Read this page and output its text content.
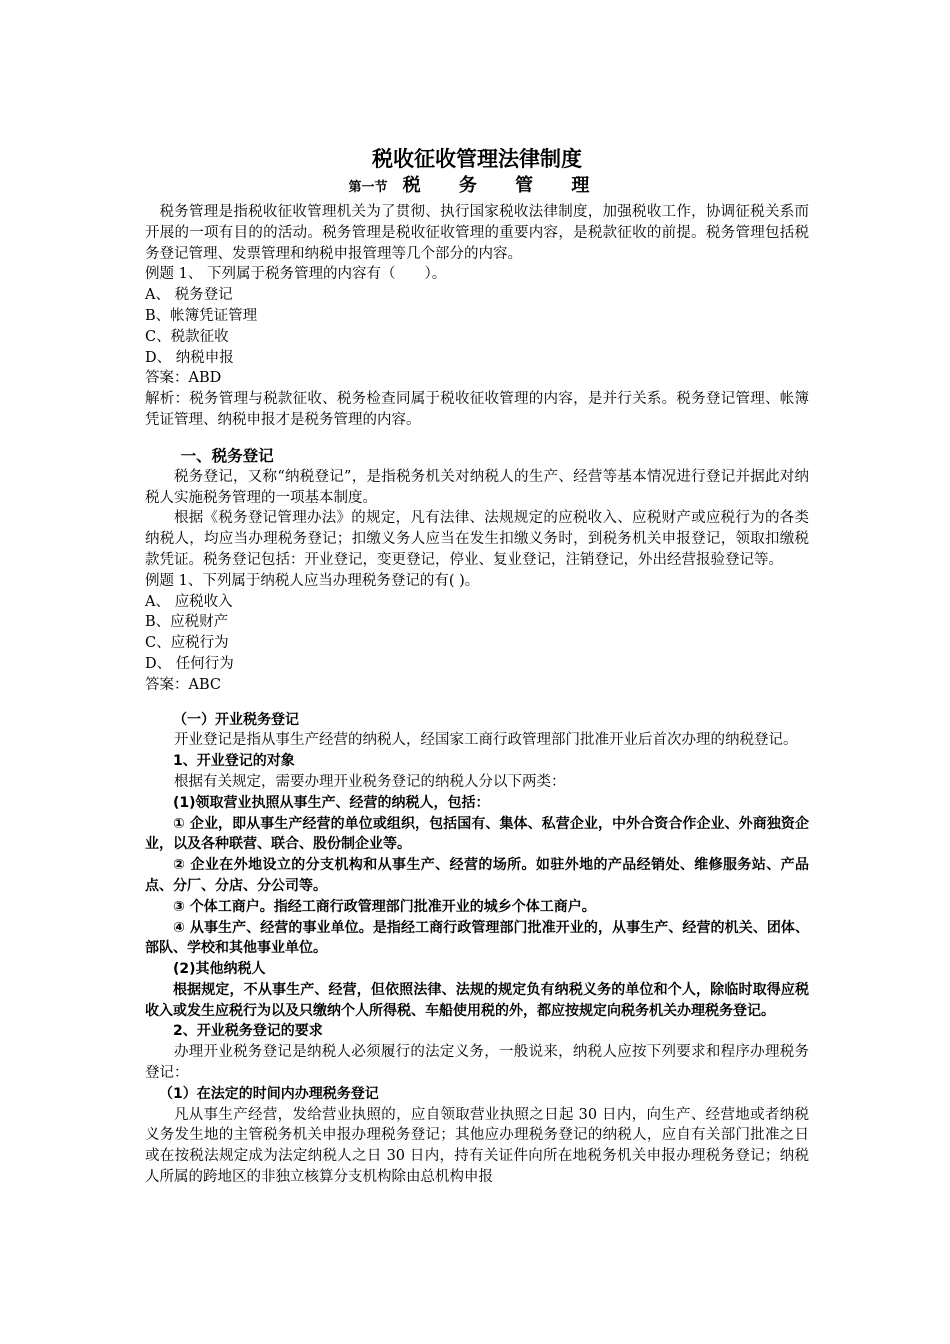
税收征收管理法律制度
第一节 税 务 管 理

税务管理是指税收征收管理机关为了贯彻、执行国家税收法律制度，加强税收工作，协调征税关系而开展的一项有目的的活动。税务管理是税收征收管理的重要内容，是税款征收的前提。税务管理包括税务登记管理、发票管理和纳税申报管理等几个部分的内容。

例题 1、 下列属于税务管理的内容有（　　）。

A、 税务登记

B、帐簿凭证管理

C、税款征收

D、 纳税申报

答案：ABD

解析：税务管理与税款征收、税务检查同属于税收征收管理的内容，是并行关系。税务登记管理、帐簿凭证管理、纳税申报才是税务管理的内容。

一、税务登记

税务登记，又称“纳税登记”，是指税务机关对纳税人的生产、经营等基本情况进行登记并据此对纳税人实施税务管理的一项基本制度。

根据《税务登记管理办法》的规定，凡有法律、法规规定的应税收入、应税财产或应税行为的各类纳税人，均应当办理税务登记；扣缴义务人应当在发生扣缴义务时，到税务机关申报登记，领取扣缴税款凭证。税务登记包括：开业登记，变更登记，停业、复业登记，注销登记，外出经营报验登记等。

例题 1、下列属于纳税人应当办理税务登记的有( )。

A、 应税收入

B、应税财产

C、应税行为

D、 任何行为

答案：ABC

（一）开业税务登记

开业登记是指从事生产经营的纳税人，经国家工商行政管理部门批准开业后首次办理的纳税登记。

1、开业登记的对象

根据有关规定，需要办理开业税务登记的纳税人分以下两类：

(1)领取营业执照从事生产、经营的纳税人，包括：

① 企业，即从事生产经营的单位或组织，包括国有、集体、私营企业，中外合资合作企业、外商独资企业，以及各种联营、联合、股份制企业等。

② 企业在外地设立的分支机构和从事生产、经营的场所。如驻外地的产品经销处、维修服务站、产品点、分厂、分店、分公司等。

③ 个体工商户。指经工商行政管理部门批准开业的城乡个体工商户。

④ 从事生产、经营的事业单位。是指经工商行政管理部门批准开业的，从事生产、经营的机关、团体、部队、学校和其他事业单位。

(2)其他纳税人

根据规定，不从事生产、经营，但依照法律、法规的规定负有纳税义务的单位和个人，除临时取得应税收入或发生应税行为以及只缴纳个人所得税、车船使用税的外，都应按规定向税务机关办理税务登记。

2、开业税务登记的要求

办理开业税务登记是纳税人必须履行的法定义务，一般说来，纳税人应按下列要求和程序办理税务登记：

（1）在法定的时间内办理税务登记

凡从事生产经营，发给营业执照的，应自领取营业执照之日起 30 日内，向生产、经营地或者纳税义务发生地的主管税务机关申报办理税务登记；其他应办理税务登记的纳税人，应自有关部门批准之日或在按税法规定成为法定纳税人之日 30 日内，持有关证件向所在地税务机关申报办理税务登记；纳税人所属的跨地区的非独立核算分支机构除由总机构申报
